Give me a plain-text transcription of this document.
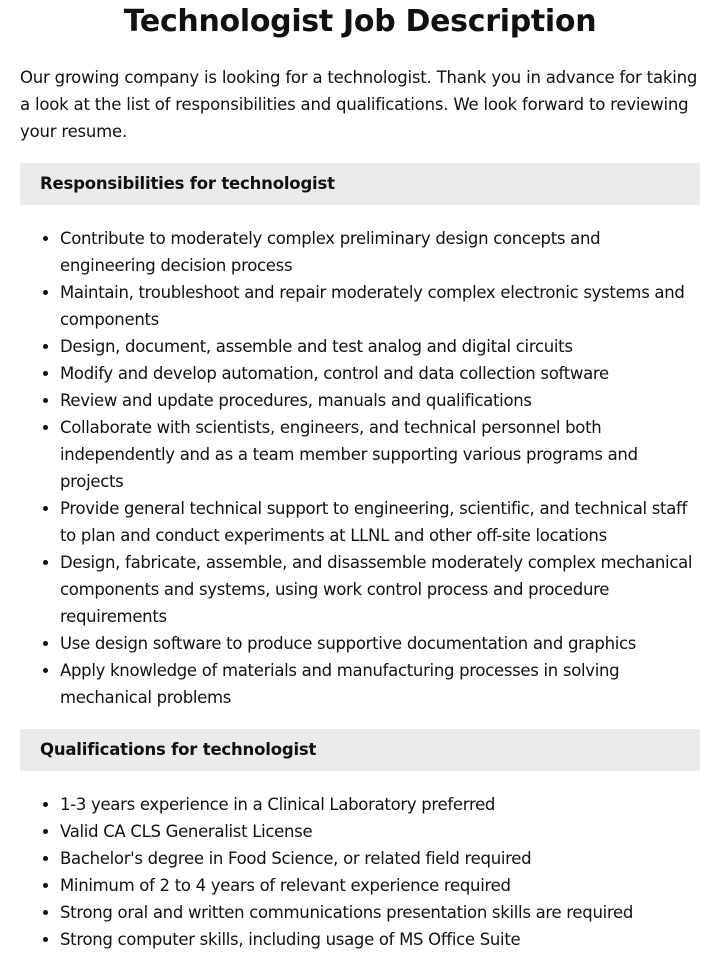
Technologist Job Description

Our growing company is looking for a technologist. Thank you in advance for taking a look at the list of responsibilities and qualifications. We look forward to reviewing your resume.

Responsibilities for technologist
• Contribute to moderately complex preliminary design concepts and engineering decision process
• Maintain, troubleshoot and repair moderately complex electronic systems and components
• Design, document, assemble and test analog and digital circuits
• Modify and develop automation, control and data collection software
• Review and update procedures, manuals and qualifications
• Collaborate with scientists, engineers, and technical personnel both independently and as a team member supporting various programs and projects
• Provide general technical support to engineering, scientific, and technical staff to plan and conduct experiments at LLNL and other off-site locations
• Design, fabricate, assemble, and disassemble moderately complex mechanical components and systems, using work control process and procedure requirements
• Use design software to produce supportive documentation and graphics
• Apply knowledge of materials and manufacturing processes in solving mechanical problems
Qualifications for technologist
• 1-3 years experience in a Clinical Laboratory preferred
• Valid CA CLS Generalist License
• Bachelor's degree in Food Science, or related field required
• Minimum of 2 to 4 years of relevant experience required
• Strong oral and written communications presentation skills are required
• Strong computer skills, including usage of MS Office Suite
